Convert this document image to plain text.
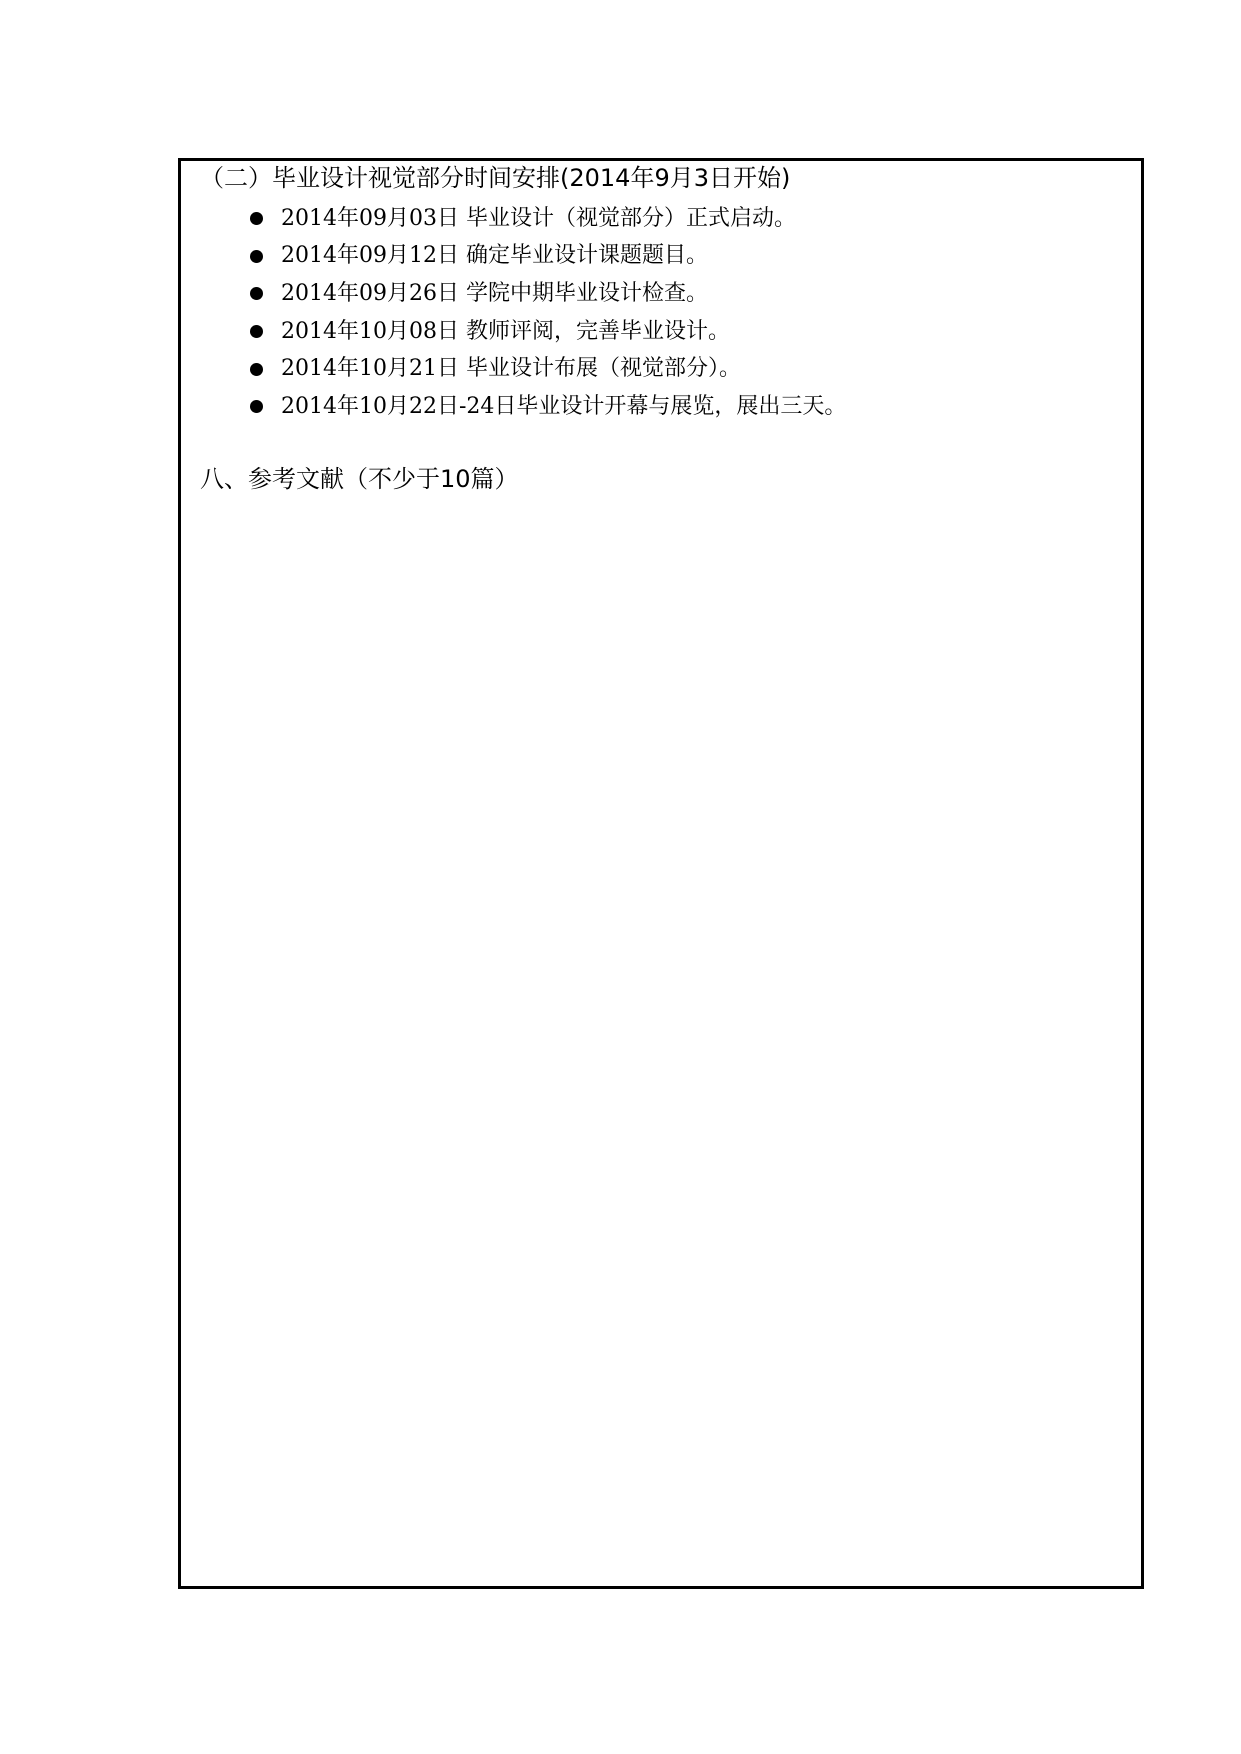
（二）毕业设计视觉部分时间安排(2014年9月3日开始)
2014年09月03日 毕业设计（视觉部分）正式启动。
2014年09月12日 确定毕业设计课题题目。
2014年09月26日 学院中期毕业设计检查。
2014年10月08日 教师评阅，完善毕业设计。
2014年10月21日 毕业设计布展（视觉部分）。
2014年10月22日-24日毕业设计开幕与展览，展出三天。
八、参考文献（不少于10篇）
